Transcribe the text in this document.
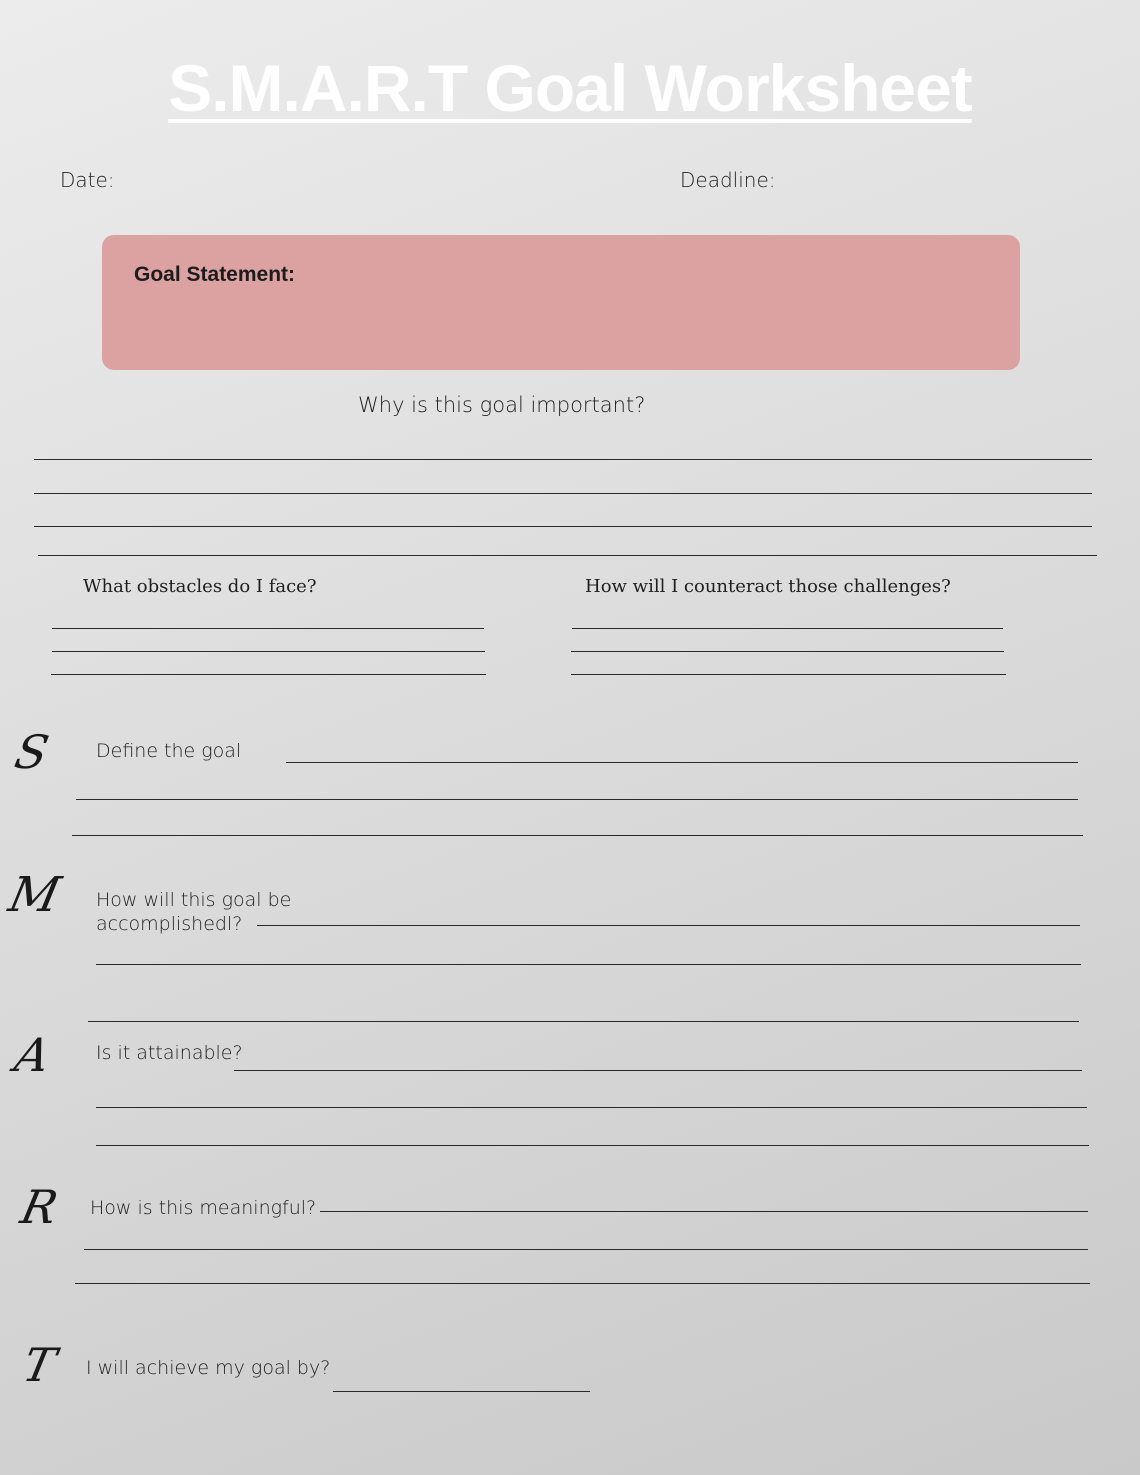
S.M.A.R.T Goal Worksheet
Date:	Deadline:
Goal Statement:
Why is this goal important?
What obstacles do I face?	How will I counteract those challenges?
S Define the goal
M How will this goal be
accomplishedl?
A Is it attainable?
R How is this meaningful?
T I will achieve my goal by?
